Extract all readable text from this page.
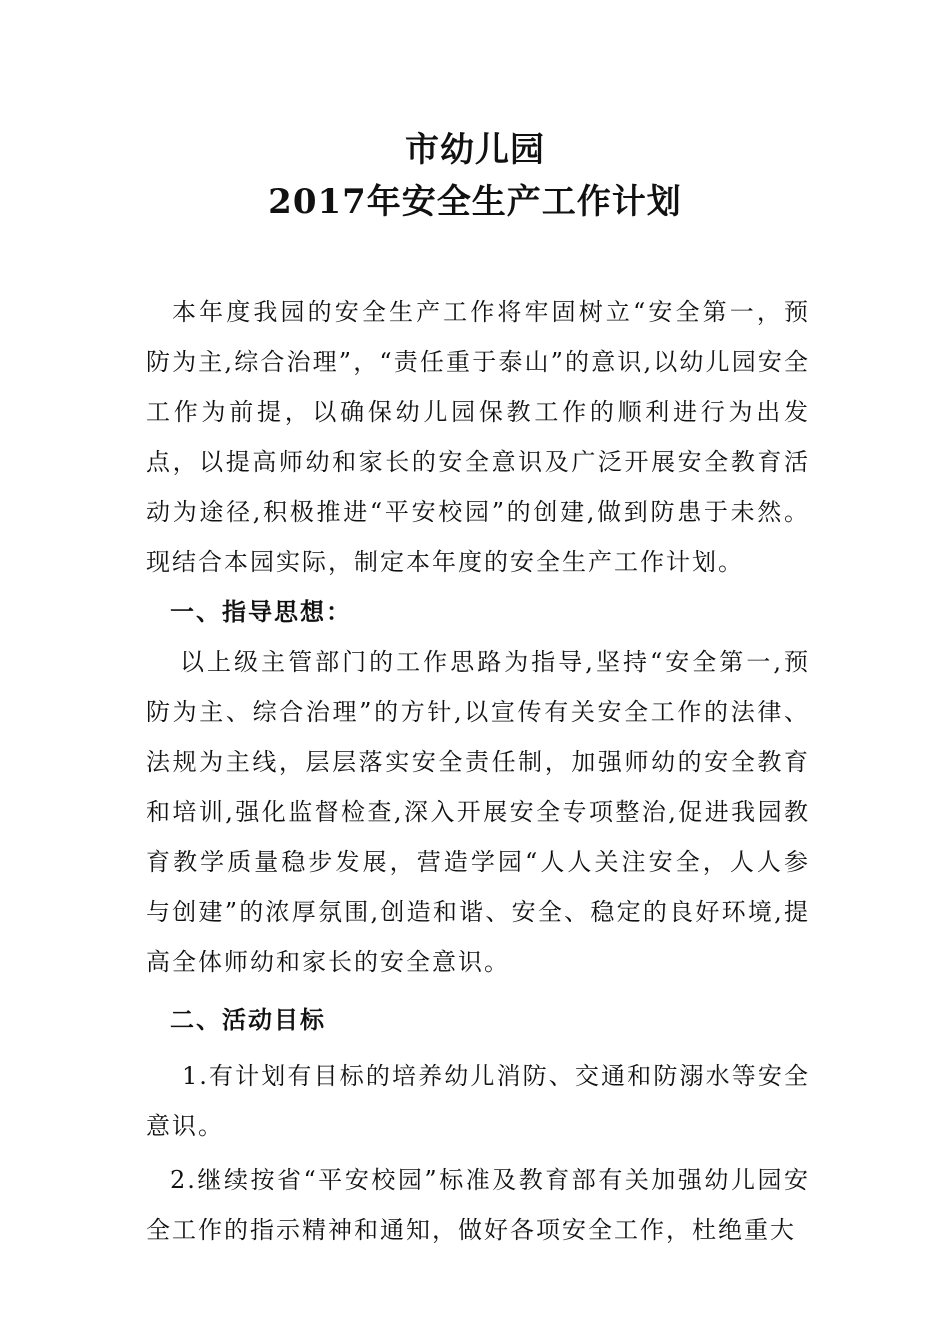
市幼儿园
2017年安全生产工作计划

本年度我园的安全生产工作将牢固树立“安全第一，预防为主,综合治理”，“责任重于泰山”的意识,以幼儿园安全工作为前提，以确保幼儿园保教工作的顺利进行为出发点，以提高师幼和家长的安全意识及广泛开展安全教育活动为途径,积极推进“平安校园”的创建,做到防患于未然。现结合本园实际，制定本年度的安全生产工作计划。

一、指导思想：

以上级主管部门的工作思路为指导,坚持“安全第一,预防为主、综合治理”的方针,以宣传有关安全工作的法律、法规为主线，层层落实安全责任制，加强师幼的安全教育和培训,强化监督检查,深入开展安全专项整治,促进我园教育教学质量稳步发展，营造学园“人人关注安全，人人参与创建”的浓厚氛围,创造和谐、安全、稳定的良好环境,提高全体师幼和家长的安全意识。

二、活动目标

1.有计划有目标的培养幼儿消防、交通和防溺水等安全意识。

2.继续按省“平安校园”标准及教育部有关加强幼儿园安全工作的指示精神和通知，做好各项安全工作，杜绝重大
